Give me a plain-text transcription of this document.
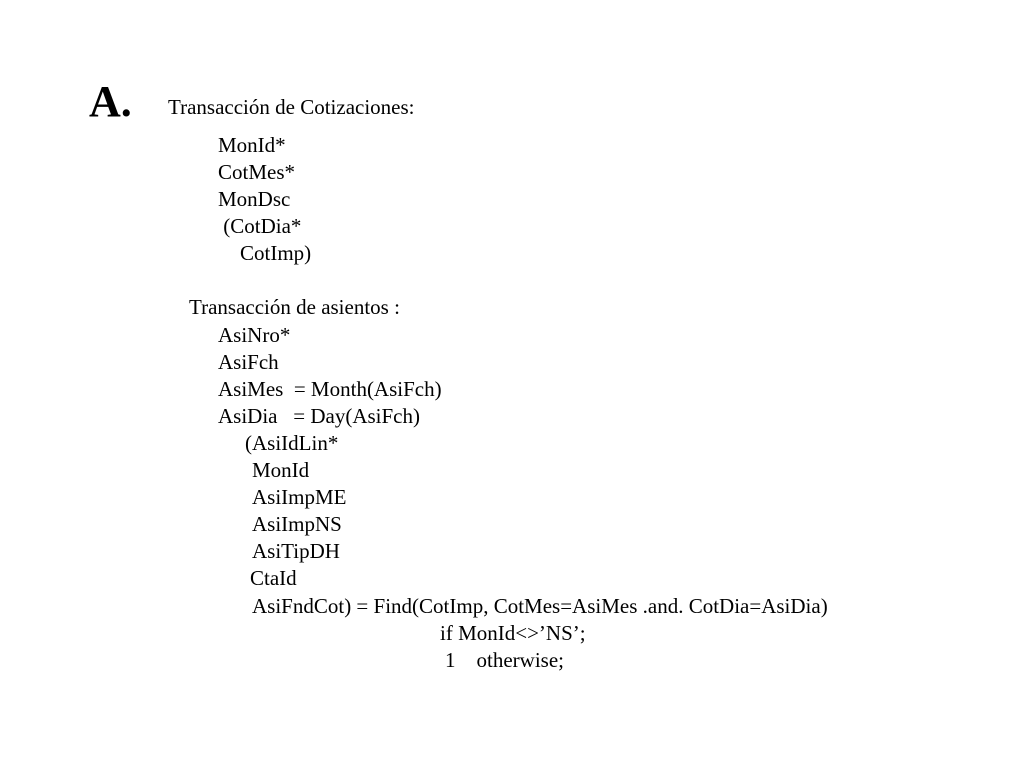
A. Transacción de Cotizaciones:
MonId*
CotMes*
MonDsc
(CotDia*
CotImp)
Transacción de asientos :
AsiNro*
AsiFch
AsiMes  = Month(AsiFch)
AsiDia   = Day(AsiFch)
(AsiIdLin*
MonId
AsiImpME
AsiImpNS
AsiTipDH
CtaId
AsiFndCot) = Find(CotImp, CotMes=AsiMes .and. CotDia=AsiDia)
if MonId<>’NS’;
1    otherwise;
